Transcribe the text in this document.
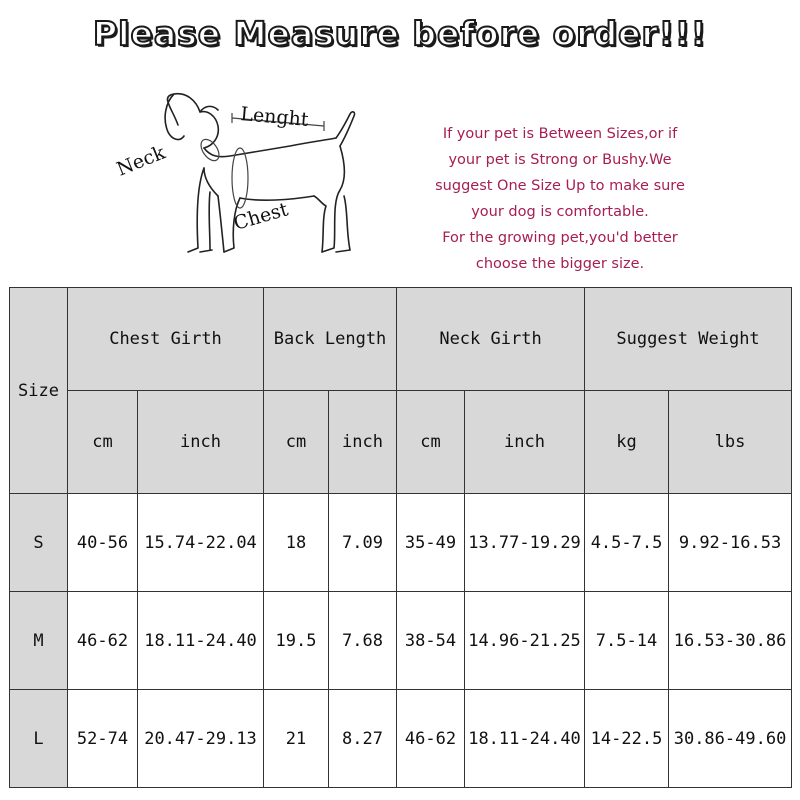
Please Measure before order!!!
Lenght
Neck
Chest
If your pet is Between Sizes,or if
your pet is Strong or Bushy.We
suggest One Size Up to make sure
your dog is comfortable.
For the growing pet,you'd better
choose the bigger size.
Size	Chest Girth		Back Length		Neck Girth		Suggest Weight	
	cm	inch	cm	inch	cm	inch	kg	lbs
S	40-56	15.74-22.04	18	7.09	35-49	13.77-19.29	4.5-7.5	9.92-16.53
M	46-62	18.11-24.40	19.5	7.68	38-54	14.96-21.25	7.5-14	16.53-30.86
L	52-74	20.47-29.13	21	8.27	46-62	18.11-24.40	14-22.5	30.86-49.60
